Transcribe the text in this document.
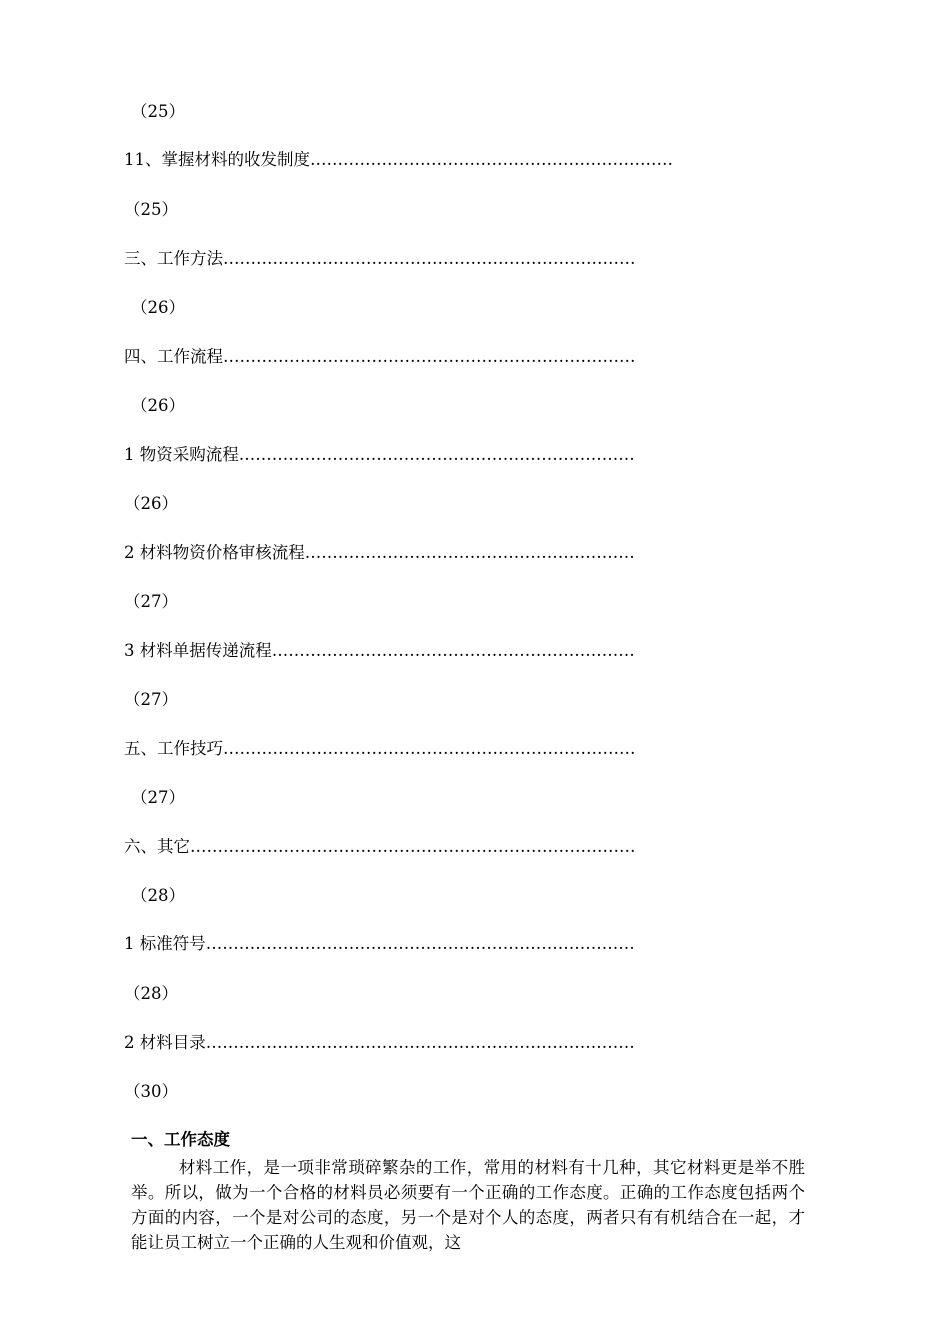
（25）
11、掌握材料的收发制度…………………………………………………………
（25）
三、工作方法…………………………………………………………………
（26）
四、工作流程…………………………………………………………………
（26）
1 物资采购流程………………………………………………………………
（26）
2 材料物资价格审核流程……………………………………………………
（27）
3 材料单据传递流程…………………………………………………………
（27）
五、工作技巧…………………………………………………………………
（27）
六、其它………………………………………………………………………
（28）
1 标准符号……………………………………………………………………
（28）
2 材料目录……………………………………………………………………
（30）
一、工作态度
材料工作，是一项非常琐碎繁杂的工作，常用的材料有十几种，其它材料更是举不胜举。所以，做为一个合格的材料员必须要有一个正确的工作态度。正确的工作态度包括两个方面的内容，一个是对公司的态度，另一个是对个人的态度，两者只有有机结合在一起，才能让员工树立一个正确的人生观和价值观，这
